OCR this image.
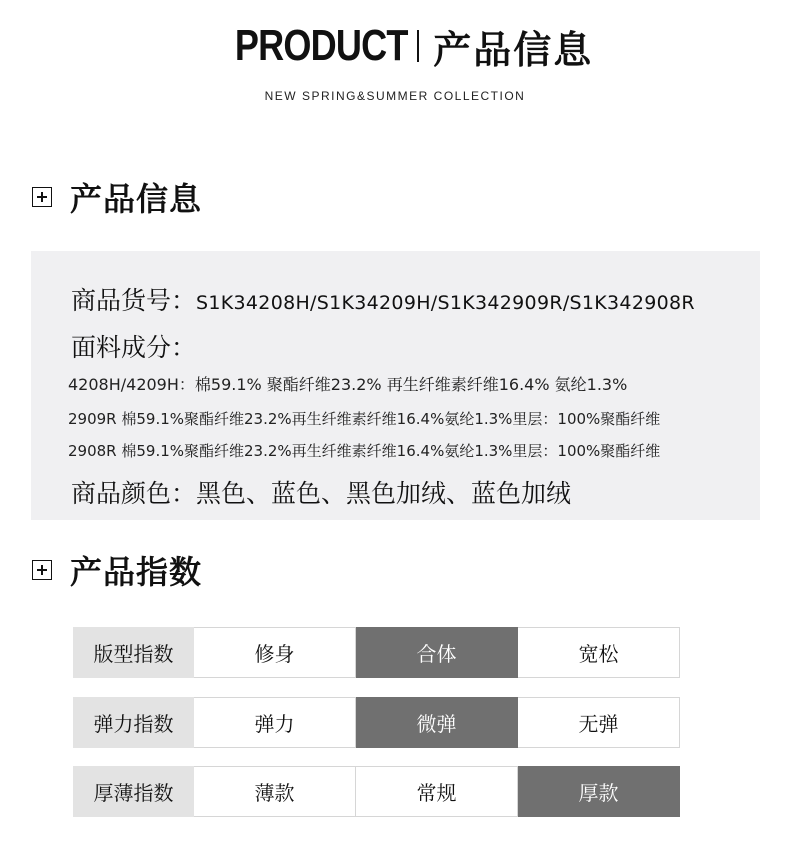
PRODUCT 产品信息
NEW SPRING&SUMMER COLLECTION
产品信息
商品货号：S1K34208H/S1K34209H/S1K342909R/S1K342908R
面料成分：
4208H/4209H：棉59.1% 聚酯纤维23.2% 再生纤维素纤维16.4% 氨纶1.3%
2909R 棉59.1%聚酯纤维23.2%再生纤维素纤维16.4%氨纶1.3%里层：100%聚酯纤维
2908R 棉59.1%聚酯纤维23.2%再生纤维素纤维16.4%氨纶1.3%里层：100%聚酯纤维
商品颜色：黑色、蓝色、黑色加绒、蓝色加绒
产品指数
版型指数	修身	合体	宽松
弹力指数	弹力	微弹	无弹
厚薄指数	薄款	常规	厚款
